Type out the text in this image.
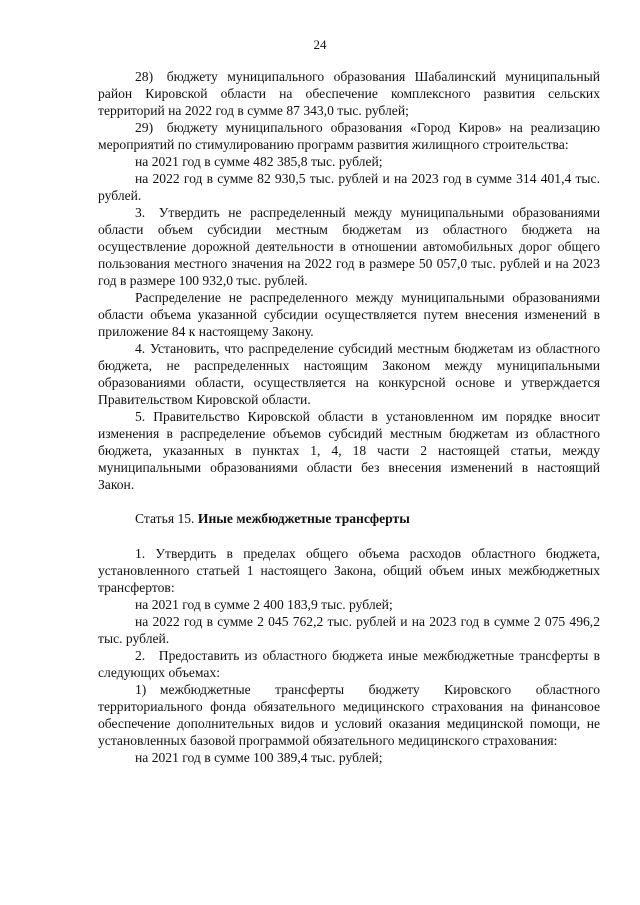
24

28) бюджету муниципального образования Шабалинский муниципальный район Кировской области на обеспечение комплексного развития сельских территорий на 2022 год в сумме 87 343,0 тыс. рублей;

29) бюджету муниципального образования «Город Киров» на реализацию мероприятий по стимулированию программ развития жилищного строительства:

на 2021 год в сумме 482 385,8 тыс. рублей;

на 2022 год в сумме 82 930,5 тыс. рублей и на 2023 год в сумме 314 401,4 тыс. рублей.

3. Утвердить не распределенный между муниципальными образованиями области объем субсидии местным бюджетам из областного бюджета на осуществление дорожной деятельности в отношении автомобильных дорог общего пользования местного значения на 2022 год в размере 50 057,0 тыс. рублей и на 2023 год в размере 100 932,0 тыс. рублей.

Распределение не распределенного между муниципальными образованиями области объема указанной субсидии осуществляется путем внесения изменений в приложение 84 к настоящему Закону.

4. Установить, что распределение субсидий местным бюджетам из областного бюджета, не распределенных настоящим Законом между муниципальными образованиями области, осуществляется на конкурсной основе и утверждается Правительством Кировской области.

5. Правительство Кировской области в установленном им порядке вносит изменения в распределение объемов субсидий местным бюджетам из областного бюджета, указанных в пунктах 1, 4, 18 части 2 настоящей статьи, между муниципальными образованиями области без внесения изменений в настоящий Закон.

Статья 15. Иные межбюджетные трансферты

1. Утвердить в пределах общего объема расходов областного бюджета, установленного статьей 1 настоящего Закона, общий объем иных межбюджетных трансфертов:

на 2021 год в сумме 2 400 183,9 тыс. рублей;

на 2022 год в сумме 2 045 762,2 тыс. рублей и на 2023 год в сумме 2 075 496,2 тыс. рублей.

2. Предоставить из областного бюджета иные межбюджетные трансферты в следующих объемах:

1) межбюджетные трансферты бюджету Кировского областного территориального фонда обязательного медицинского страхования на финансовое обеспечение дополнительных видов и условий оказания медицинской помощи, не установленных базовой программой обязательного медицинского страхования:

на 2021 год в сумме 100 389,4 тыс. рублей;
